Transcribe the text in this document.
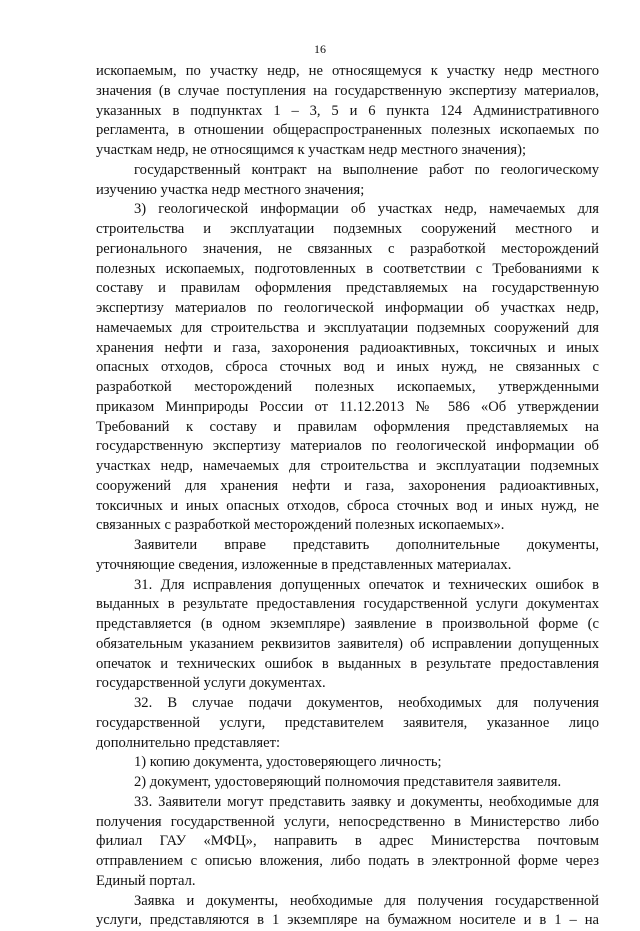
16
ископаемым, по участку недр, не относящемуся к участку недр местного
значения (в случае поступления на государственную экспертизу материалов,
указанных в подпунктах 1 – 3, 5 и 6 пункта 124 Административного
регламента, в отношении общераспространенных полезных ископаемых по
участкам недр, не относящимся к участкам недр местного значения);
государственный контракт на выполнение работ по геологическому
изучению участка недр местного значения;
3) геологической информации об участках недр, намечаемых для
строительства и эксплуатации подземных сооружений местного и
регионального значения, не связанных с разработкой месторождений
полезных ископаемых, подготовленных в соответствии с Требованиями к
составу и правилам оформления представляемых на государственную
экспертизу материалов по геологической информации об участках недр,
намечаемых для строительства и эксплуатации подземных сооружений для
хранения нефти и газа, захоронения радиоактивных, токсичных и иных
опасных отходов, сброса сточных вод и иных нужд, не связанных с
разработкой месторождений полезных ископаемых, утвержденными
приказом Минприроды России от 11.12.2013 № 586 «Об утверждении
Требований к составу и правилам оформления представляемых на
государственную экспертизу материалов по геологической информации об
участках недр, намечаемых для строительства и эксплуатации подземных
сооружений для хранения нефти и газа, захоронения радиоактивных,
токсичных и иных опасных отходов, сброса сточных вод и иных нужд, не
связанных с разработкой месторождений полезных ископаемых».
Заявители вправе представить дополнительные документы,
уточняющие сведения, изложенные в представленных материалах.
31. Для исправления допущенных опечаток и технических ошибок в
выданных в результате предоставления государственной услуги документах
представляется (в одном экземпляре) заявление в произвольной форме (с
обязательным указанием реквизитов заявителя) об исправлении допущенных
опечаток и технических ошибок в выданных в результате предоставления
государственной услуги документах.
32. В случае подачи документов, необходимых для получения
государственной услуги, представителем заявителя, указанное лицо
дополнительно представляет:
1) копию документа, удостоверяющего личность;
2) документ, удостоверяющий полномочия представителя заявителя.
33. Заявители могут представить заявку и документы, необходимые для
получения государственной услуги, непосредственно в Министерство либо
филиал ГАУ «МФЦ», направить в адрес Министерства почтовым
отправлением с описью вложения, либо подать в электронной форме через
Единый портал.
Заявка и документы, необходимые для получения государственной
услуги, представляются в 1 экземпляре на бумажном носителе и в 1 – на
